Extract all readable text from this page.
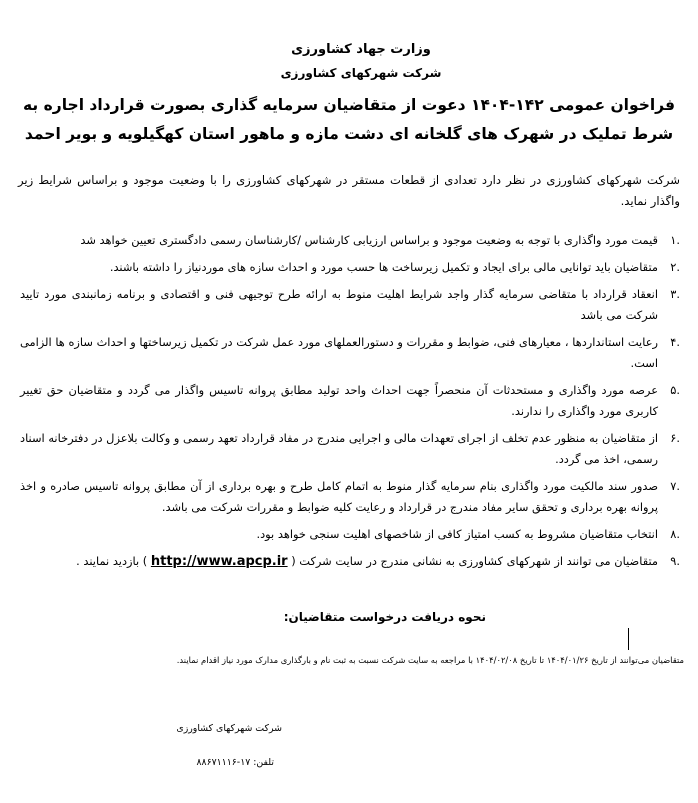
وزارت جهاد کشاورزی
شرکت شهرکهای کشاورزی
فراخوان عمومی ۱۴۲-۱۴۰۴ دعوت از متقاضیان سرمایه گذاری بصورت قرارداد اجاره به
شرط تملیک در شهرک های گلخانه ای دشت مازه و ماهور استان کهگیلویه و بویر احمد
شرکت شهرکهای کشاورزی در نظر دارد تعدادی از قطعات مستقر در شهرکهای کشاورزی را با وضعیت موجود و براساس شرایط زیر واگذار نماید.
۱.
قیمت مورد واگذاری با توجه به وضعیت موجود و براساس ارزیابی کارشناس /کارشناسان رسمی دادگستری تعیین خواهد شد
۲.
متقاضیان باید توانایی مالی برای ایجاد و تکمیل زیرساخت ها حسب مورد و احداث سازه های موردنیاز را داشته باشند.
۳.
انعقاد قرارداد با متقاضی سرمایه گذار واجد شرایط اهلیت منوط به ارائه طرح توجیهی فنی و اقتصادی و برنامه زمانبندی مورد تایید شرکت می باشد
۴.
رعایت استانداردها ، معیارهای فنی، ضوابط و مقررات و دستورالعملهای مورد عمل شرکت در تکمیل زیرساختها و احداث سازه ها الزامی است.
۵.
عرصه مورد واگذاری و مستحدثات آن منحصراً جهت احداث واحد تولید مطابق پروانه تاسیس واگذار می گردد و متقاضیان حق تغییر کاربری مورد واگذاری را ندارند.
۶.
از متقاضیان به منظور عدم تخلف از اجرای تعهدات مالی و اجرایی مندرج در مفاد قرارداد تعهد رسمی و وکالت بلاعزل در دفترخانه اسناد رسمی، اخذ می گردد.
۷.
صدور سند مالکیت مورد واگذاری بنام سرمایه گذار منوط به اتمام کامل طرح و بهره برداری از آن مطابق پروانه تاسیس صادره و اخذ پروانه بهره برداری و تحقق سایر مفاد مندرج در قرارداد و رعایت کلیه ضوابط و مقررات شرکت می باشد.
۸.
انتخاب متقاضیان مشروط به کسب امتیاز کافی از شاخصهای اهلیت سنجی خواهد بود.
۹.
متقاضیان می توانند از شهرکهای کشاورزی به نشانی مندرج در سایت شرکت ( http://www.apcp.ir ) بازدید نمایند .
نحوه دریافت درخواست متقاضیان:
متقاضیان می‌توانند از تاریخ ۱۴۰۴/۰۱/۲۶ تا تاریخ ۱۴۰۴/۰۲/۰۸ با مراجعه به سایت شرکت نسبت به ثبت نام و بارگذاری مدارک مورد نیاز اقدام نمایند.
شرکت شهرکهای کشاورزی
تلفن: ۱۷-۸۸۶۷۱۱۱۶
